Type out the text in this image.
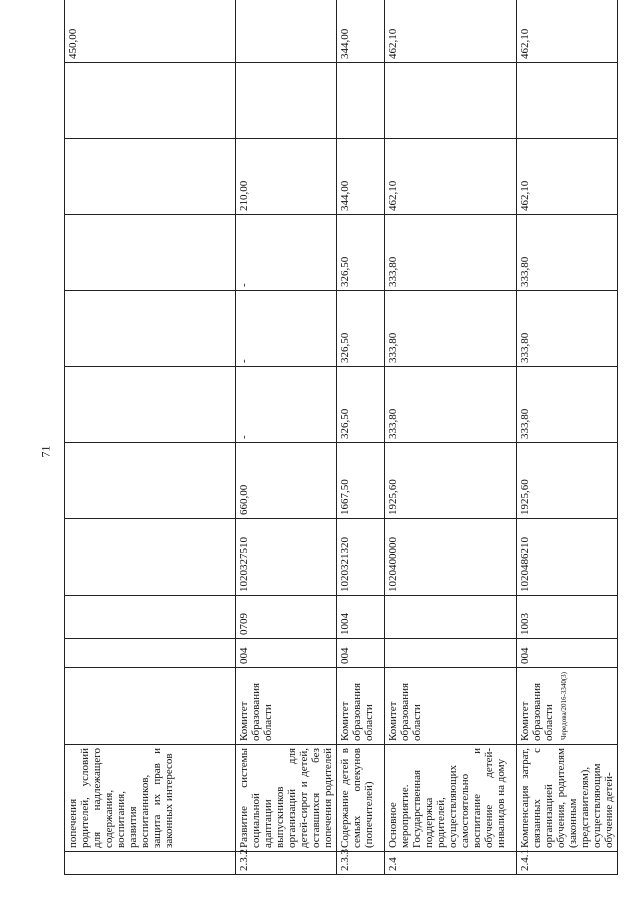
71
	попечения родителей, условий для надлежащего содержания, воспитания, развития воспитанников, защита их прав и законных интересов											450,00
2.3.2	Развитие системы социальной адаптации выпускников организаций для детей-сирот и детей, оставшихся без попечения родителей	Комитет образования области	004	0709	1020327510	660,00	-	-	-	210,00		
2.3.3	Содержание детей в семьях опекунов (попечителей)	Комитет образования области	004	1004	1020321320	1667,50	326,50	326,50	326,50	344,00		344,00
2.4	Основное мероприятие. Государственная поддержка родителей, осуществляющих самостоятельно воспитание и обучение детей-инвалидов на дому	Комитет образования области			1020400000	1925,60	333,80	333,80	333,80	462,10		462,10
2.4.1	Компенсация затрат, связанных с организацией обучения, родителям (законным представителям), осуществляющим обучение детей-	Комитет образования области	004	1003	1020486210	1925,60	333,80	333,80	333,80	462,10		462,10
Чередова/2016-3340(3)
